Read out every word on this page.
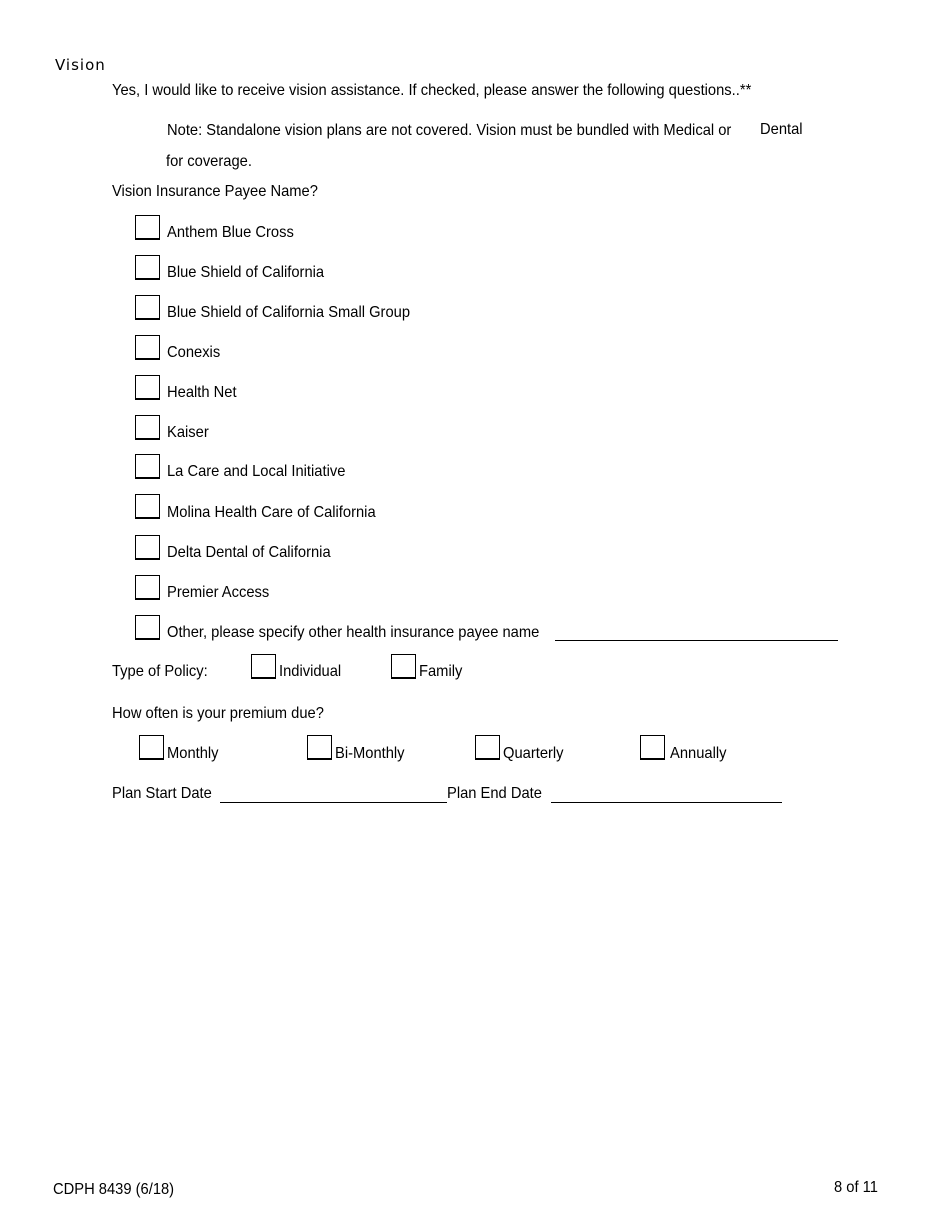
Vision
Yes, I would like to receive vision assistance. If checked, please answer the following questions..**
Note: Standalone vision plans are not covered. Vision must be bundled with Medical or Dental
for coverage.
Vision Insurance Payee Name?
Anthem Blue Cross
Blue Shield of California
Blue Shield of California Small Group
Conexis
Health Net
Kaiser
La Care and Local Initiative
Molina Health Care of California
Delta Dental of California
Premier Access
Other, please specify other health insurance payee name
Type of Policy:	Individual	Family
How often is your premium due?
Monthly	Bi-Monthly	Quarterly	Annually
Plan Start Date	Plan End Date
CDPH 8439 (6/18)	8 of 11
